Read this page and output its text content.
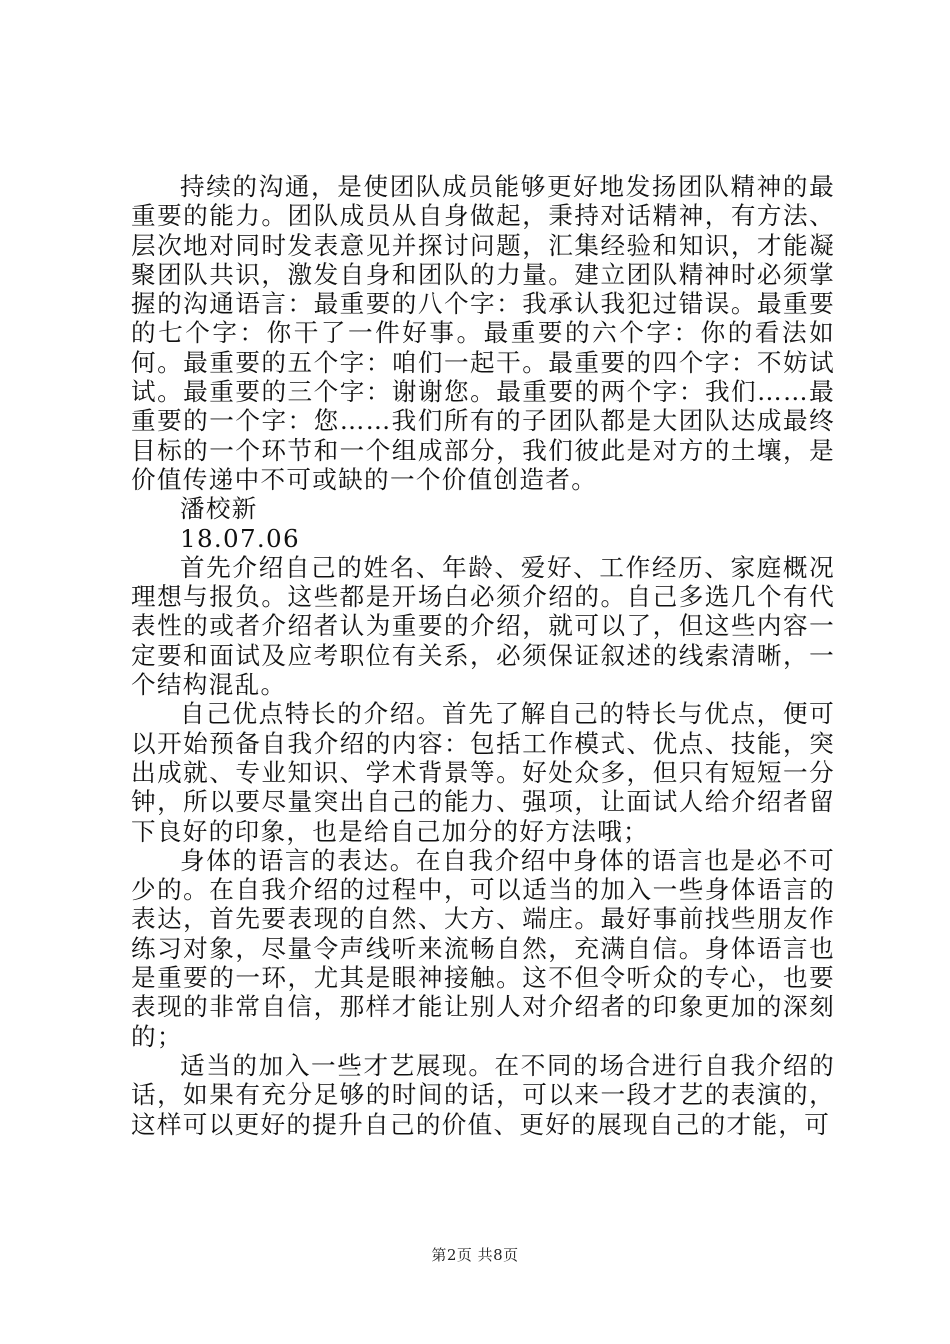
持续的沟通，是使团队成员能够更好地发扬团队精神的最重要的能力。团队成员从自身做起，秉持对话精神，有方法、层次地对同时发表意见并探讨问题，汇集经验和知识，才能凝聚团队共识，激发自身和团队的力量。建立团队精神时必须掌握的沟通语言：最重要的八个字：我承认我犯过错误。最重要的七个字：你干了一件好事。最重要的六个字：你的看法如何。最重要的五个字：咱们一起干。最重要的四个字：不妨试试。最重要的三个字：谢谢您。最重要的两个字：我们……最重要的一个字：您……我们所有的子团队都是大团队达成最终目标的一个环节和一个组成部分，我们彼此是对方的土壤，是价值传递中不可或缺的一个价值创造者。

潘校新

18.07.06

首先介绍自己的姓名、年龄、爱好、工作经历、家庭概况理想与报负。这些都是开场白必须介绍的。自己多选几个有代表性的或者介绍者认为重要的介绍，就可以了，但这些内容一定要和面试及应考职位有关系，必须保证叙述的线索清晰，一个结构混乱。

自己优点特长的介绍。首先了解自己的特长与优点，便可以开始预备自我介绍的内容：包括工作模式、优点、技能，突出成就、专业知识、学术背景等。好处众多，但只有短短一分钟，所以要尽量突出自己的能力、强项，让面试人给介绍者留下良好的印象，也是给自己加分的好方法哦；

身体的语言的表达。在自我介绍中身体的语言也是必不可少的。在自我介绍的过程中，可以适当的加入一些身体语言的表达，首先要表现的自然、大方、端庄。最好事前找些朋友作练习对象，尽量令声线听来流畅自然，充满自信。身体语言也是重要的一环，尤其是眼神接触。这不但令听众的专心，也要表现的非常自信，那样才能让别人对介绍者的印象更加的深刻的；

适当的加入一些才艺展现。在不同的场合进行自我介绍的话，如果有充分足够的时间的话，可以来一段才艺的表演的，这样可以更好的提升自己的价值、更好的展现自己的才能，可

第2页 共8页
